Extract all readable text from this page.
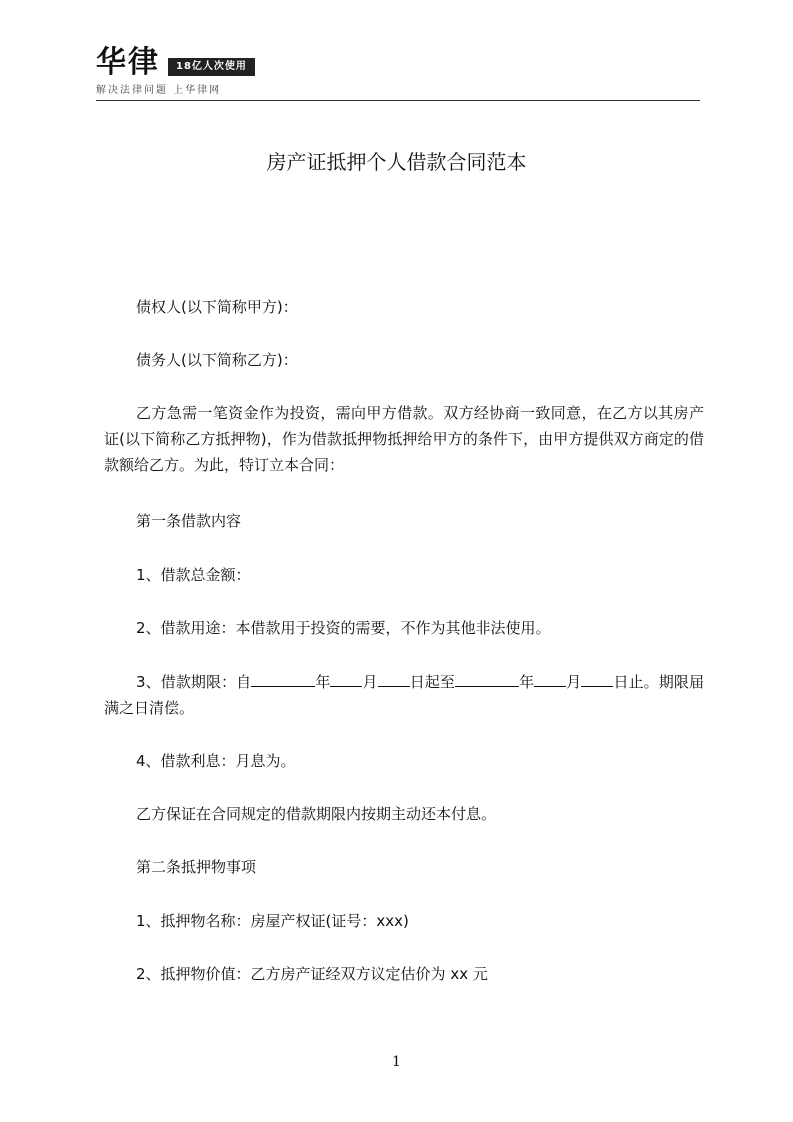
华律	18亿人次使用
解决法律问题 上华律网
房产证抵押个人借款合同范本

债权人(以下简称甲方)：

债务人(以下简称乙方)：

乙方急需一笔资金作为投资，需向甲方借款。双方经协商一致同意，在乙方以其房产证(以下简称乙方抵押物)，作为借款抵押物抵押给甲方的条件下，由甲方提供双方商定的借款额给乙方。为此，特订立本合同：

第一条借款内容

1、借款总金额：

2、借款用途：本借款用于投资的需要，不作为其他非法使用。

3、借款期限：自	年 月 日起至	年 月 日止。期限届满之日清偿。

4、借款利息：月息为。

乙方保证在合同规定的借款期限内按期主动还本付息。

第二条抵押物事项

1、抵押物名称：房屋产权证(证号：xxx)

2、抵押物价值：乙方房产证经双方议定估价为 xx 元

1
